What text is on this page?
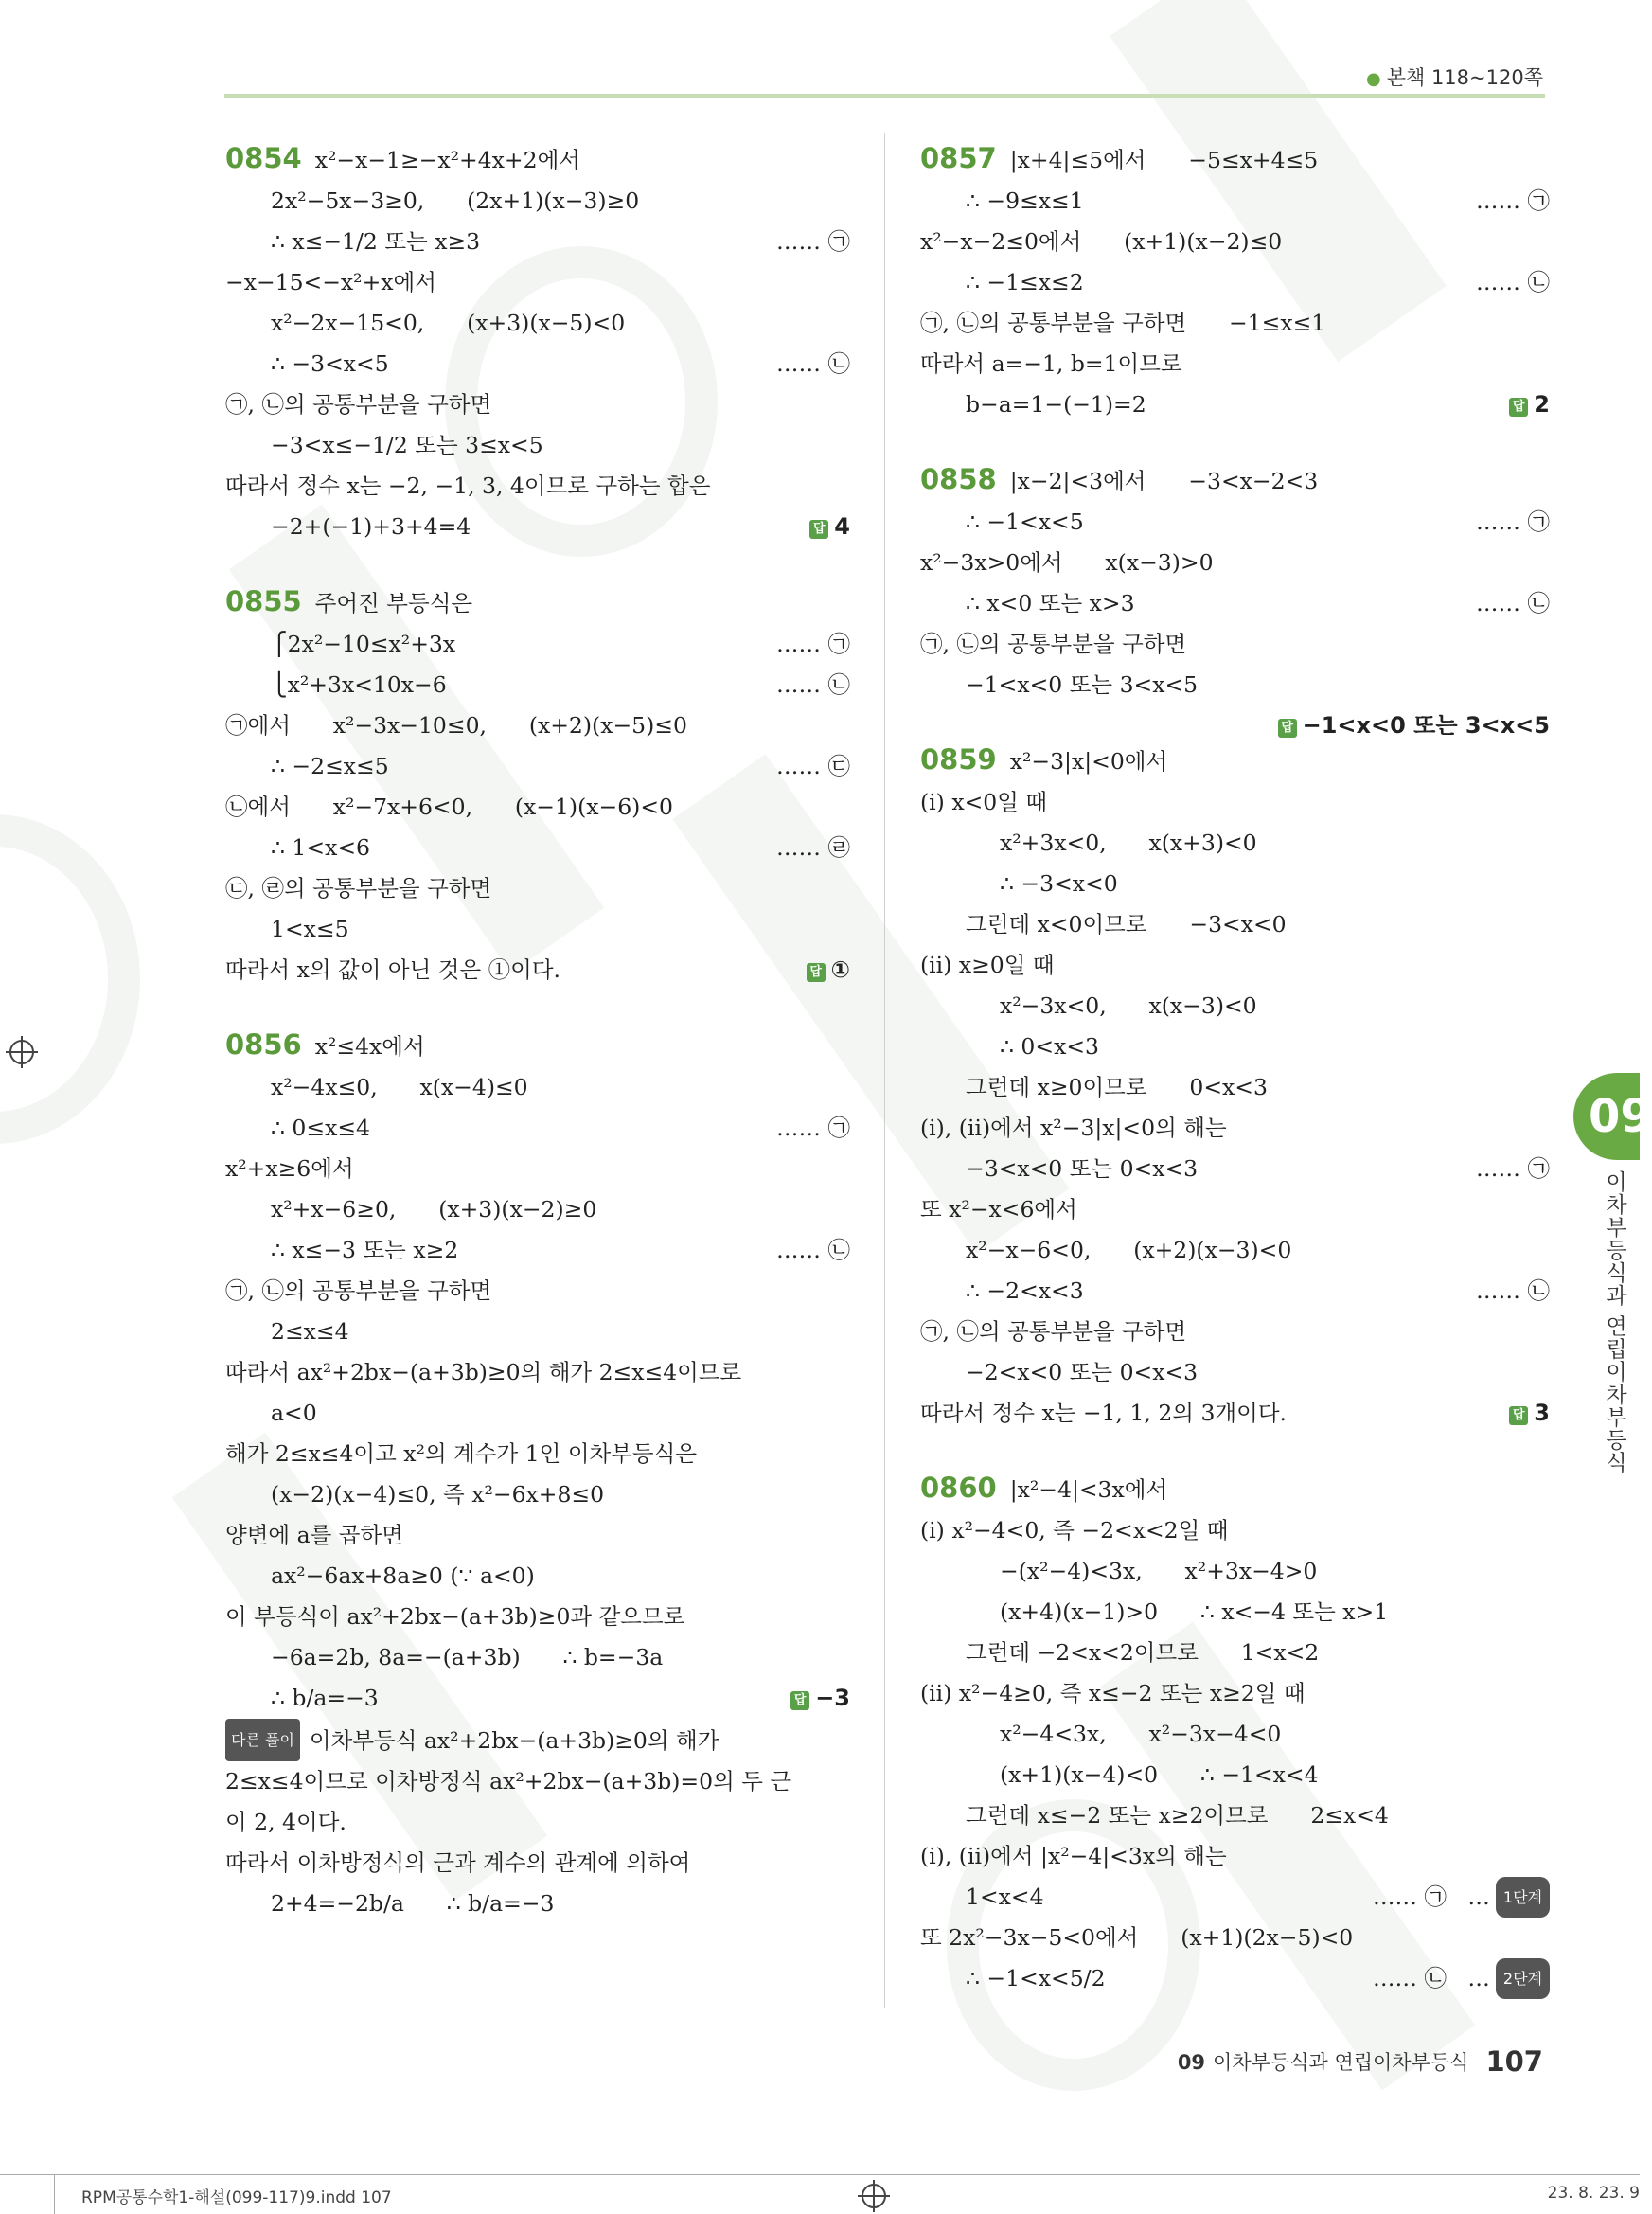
● 본책 118~120쪽
0854 x²−x−1≥−x²+4x+2에서
2x²−5x−3≥0,      (2x+1)(x−3)≥0
∴ x≤−1/2 또는 x≥3	…… ㉠
−x−15<−x²+x에서
x²−2x−15<0,      (x+3)(x−5)<0
∴ −3<x<5	…… ㉡
㉠, ㉡의 공통부분을 구하면
−3<x≤−1/2 또는 3≤x<5
따라서 정수 x는 −2, −1, 3, 4이므로 구하는 합은
−2+(−1)+3+4=4	답 4
0855 주어진 부등식은
⎧2x²−10≤x²+3x	…… ㉠
⎩x²+3x<10x−6	…… ㉡
㉠에서      x²−3x−10≤0,      (x+2)(x−5)≤0
∴ −2≤x≤5	…… ㉢
㉡에서      x²−7x+6<0,      (x−1)(x−6)<0
∴ 1<x<6	…… ㉣
㉢, ㉣의 공통부분을 구하면
1<x≤5
따라서 x의 값이 아닌 것은 ①이다.	답 ①
0856 x²≤4x에서
x²−4x≤0,      x(x−4)≤0
∴ 0≤x≤4	…… ㉠
x²+x≥6에서
x²+x−6≥0,      (x+3)(x−2)≥0
∴ x≤−3 또는 x≥2	…… ㉡
㉠, ㉡의 공통부분을 구하면
2≤x≤4
따라서 ax²+2bx−(a+3b)≥0의 해가 2≤x≤4이므로
a<0
해가 2≤x≤4이고 x²의 계수가 1인 이차부등식은
(x−2)(x−4)≤0, 즉 x²−6x+8≤0
양변에 a를 곱하면
ax²−6ax+8a≥0 (∵ a<0)
이 부등식이 ax²+2bx−(a+3b)≥0과 같으므로
−6a=2b, 8a=−(a+3b)      ∴ b=−3a
∴ b/a=−3	답 −3
다른 풀이 이차부등식 ax²+2bx−(a+3b)≥0의 해가
2≤x≤4이므로 이차방정식 ax²+2bx−(a+3b)=0의 두 근
이 2, 4이다.
따라서 이차방정식의 근과 계수의 관계에 의하여
2+4=−2b/a      ∴ b/a=−3
0857 |x+4|≤5에서      −5≤x+4≤5
∴ −9≤x≤1	…… ㉠
x²−x−2≤0에서      (x+1)(x−2)≤0
∴ −1≤x≤2	…… ㉡
㉠, ㉡의 공통부분을 구하면      −1≤x≤1
따라서 a=−1, b=1이므로
b−a=1−(−1)=2	답 2
0858 |x−2|<3에서      −3<x−2<3
∴ −1<x<5	…… ㉠
x²−3x>0에서      x(x−3)>0
∴ x<0 또는 x>3	…… ㉡
㉠, ㉡의 공통부분을 구하면
−1<x<0 또는 3<x<5
답 −1<x<0 또는 3<x<5
0859 x²−3|x|<0에서
(i) x<0일 때
x²+3x<0,      x(x+3)<0
∴ −3<x<0
그런데 x<0이므로      −3<x<0
(ii) x≥0일 때
x²−3x<0,      x(x−3)<0
∴ 0<x<3
그런데 x≥0이므로      0<x<3
(i), (ii)에서 x²−3|x|<0의 해는
−3<x<0 또는 0<x<3	…… ㉠
또 x²−x<6에서
x²−x−6<0,      (x+2)(x−3)<0
∴ −2<x<3	…… ㉡
㉠, ㉡의 공통부분을 구하면
−2<x<0 또는 0<x<3
따라서 정수 x는 −1, 1, 2의 3개이다.	답 3
0860 |x²−4|<3x에서
(i) x²−4<0, 즉 −2<x<2일 때
−(x²−4)<3x,      x²+3x−4>0
(x+4)(x−1)>0      ∴ x<−4 또는 x>1
그런데 −2<x<2이므로      1<x<2
(ii) x²−4≥0, 즉 x≤−2 또는 x≥2일 때
x²−4<3x,      x²−3x−4<0
(x+1)(x−4)<0      ∴ −1<x<4
그런데 x≤−2 또는 x≥2이므로      2≤x<4
(i), (ii)에서 |x²−4|<3x의 해는
1<x<4	…… ㉠   … 1단계
또 2x²−3x−5<0에서      (x+1)(2x−5)<0
∴ −1<x<5/2	…… ㉡   … 2단계
09
이차부등식과 연립이차부등식
09 이차부등식과 연립이차부등식 107
RPM공통수학1-해설(099-117)9.indd 107	23. 8. 23. 9
